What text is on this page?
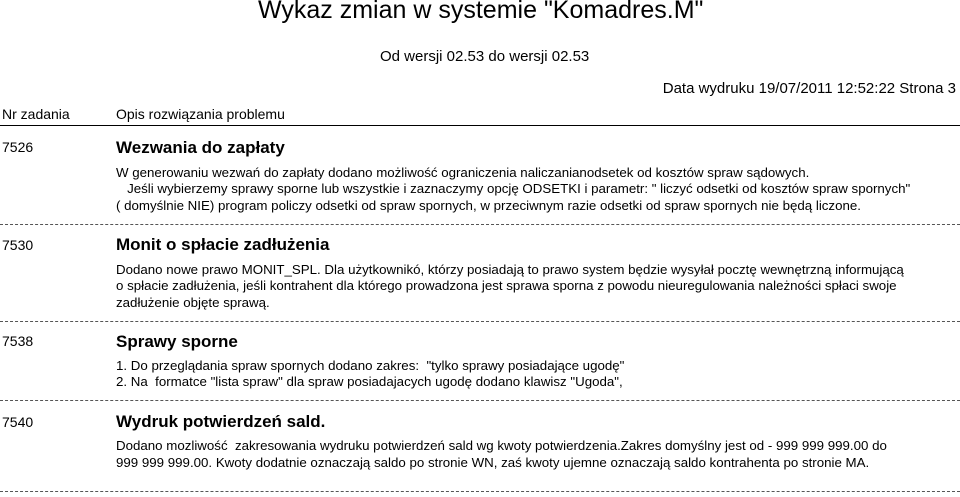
Wykaz zmian w systemie "Komadres.M"
Od wersji 02.53 do wersji 02.53
Data wydruku 19/07/2011 12:52:22 Strona 3
Nr zadania	Opis rozwiązania problemu
7526	Wezwania do zapłaty
W generowaniu wezwań do zapłaty dodano możliwość ograniczenia naliczanianodsetek od kosztów spraw sądowych.
Jeśli wybierzemy sprawy sporne lub wszystkie i zaznaczymy opcję ODSETKI i parametr: " liczyć odsetki od kosztów spraw spornych"
( domyślnie NIE) program policzy odsetki od spraw spornych, w przeciwnym razie odsetki od spraw spornych nie będą liczone.
7530	Monit o spłacie zadłużenia
Dodano nowe prawo MONIT_SPL. Dla użytkownikó, którzy posiadają to prawo system będzie wysyłał pocztę wewnętrzną informującą
o spłacie zadłużenia, jeśli kontrahent dla którego prowadzona jest sprawa sporna z powodu nieuregulowania należności spłaci swoje
zadłużenie objęte sprawą.
7538	Sprawy sporne
1. Do przeglądania spraw spornych dodano zakres:  "tylko sprawy posiadające ugodę"
2. Na  formatce "lista spraw" dla spraw posiadajacych ugodę dodano klawisz "Ugoda",
7540	Wydruk potwierdzeń sald.
Dodano mozliwość  zakresowania wydruku potwierdzeń sald wg kwoty potwierdzenia.Zakres domyślny jest od - 999 999 999.00 do
999 999 999.00. Kwoty dodatnie oznaczają saldo po stronie WN, zaś kwoty ujemne oznaczają saldo kontrahenta po stronie MA.
